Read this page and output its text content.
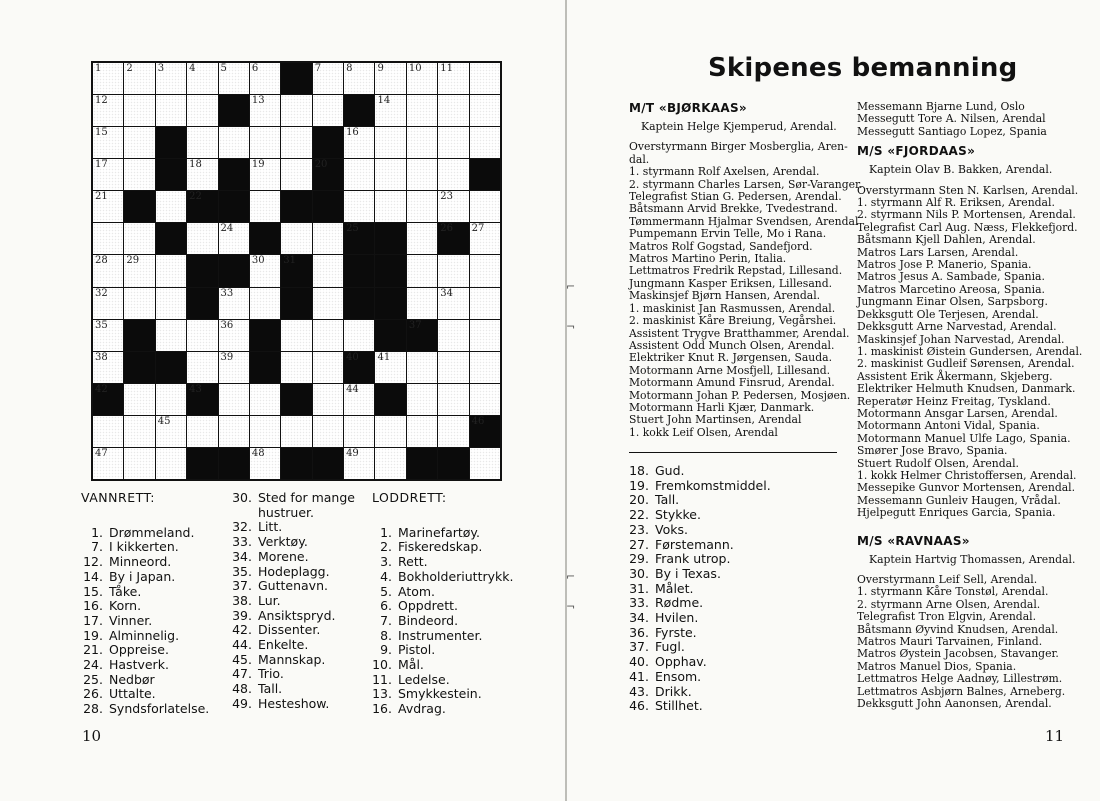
1	2	3	4	5	6	7	8	9	10 11
12	13	14
15	16
17	18	19	20
21	22	23
24	25	26 27
28 29	30 31
32	33	34
35	36	37
38	39	40 41
42	43	44
45	46
47	48	49
VANNRETT:
1. Drømmeland.
7. I kikkerten.
12. Minneord.
14. By i Japan.
15. Tåke.
16. Korn.
17. Vinner.
19. Alminnelig.
21. Oppreise.
24. Hastverk.
25. Nedbør
26. Uttalte.
28. Syndsforlatelse.
30. Sted for mange
hustruer.
32. Litt.
33. Verktøy.
34. Morene.
35. Hodeplagg.
37. Guttenavn.
38. Lur.
39. Ansiktspryd.
42. Dissenter.
44. Enkelte.
45. Mannskap.
47. Trio.
48. Tall.
49. Hesteshow.
LODDRETT:
1. Marinefartøy.
2. Fiskeredskap.
3. Rett.
4. Bokholderiuttrykk.
5. Atom.
6. Oppdrett.
7. Bindeord.
8. Instrumenter.
9. Pistol.
10. Mål.
11. Ledelse.
13. Smykkestein.
16. Avdrag.
10
Skipenes bemanning
M/T «BJØRKAAS»
Kaptein Helge Kjemperud, Arendal.
Overstyrmann Birger Mosberglia, Aren-
dal.
1. styrmann Rolf Axelsen, Arendal.
2. styrmann Charles Larsen, Sør-Varanger.
Telegrafist Stian G. Pedersen, Arendal.
Båtsmann Arvid Brekke, Tvedestrand.
Tømmermann Hjalmar Svendsen, Arendal
Pumpemann Ervin Telle, Mo i Rana.
Matros Rolf Gogstad, Sandefjord.
Matros Martino Perin, Italia.
Lettmatros Fredrik Repstad, Lillesand.
Jungmann Kasper Eriksen, Lillesand.
Maskinsjef Bjørn Hansen, Arendal.
1. maskinist Jan Rasmussen, Arendal.
2. maskinist Kåre Breiung, Vegårshei.
Assistent Trygve Bratthammer, Arendal.
Assistent Odd Munch Olsen, Arendal.
Elektriker Knut R. Jørgensen, Sauda.
Motormann Arne Mosfjell, Lillesand.
Motormann Amund Finsrud, Arendal.
Motormann Johan P. Pedersen, Mosjøen.
Motormann Harli Kjær, Danmark.
Stuert John Martinsen, Arendal
1. kokk Leif Olsen, Arendal
18. Gud.
19. Fremkomstmiddel.
20. Tall.
22. Stykke.
23. Voks.
27. Førstemann.
29. Frank utrop.
30. By i Texas.
31. Målet.
33. Rødme.
34. Hvilen.
36. Fyrste.
37. Fugl.
40. Opphav.
41. Ensom.
43. Drikk.
46. Stillhet.
Messemann Bjarne Lund, Oslo
Messegutt Tore A. Nilsen, Arendal
Messegutt Santiago Lopez, Spania
M/S «FJORDAAS»
Kaptein Olav B. Bakken, Arendal.
Overstyrmann Sten N. Karlsen, Arendal.
1. styrmann Alf R. Eriksen, Arendal.
2. styrmann Nils P. Mortensen, Arendal.
Telegrafist Carl Aug. Næss, Flekkefjord.
Båtsmann Kjell Dahlen, Arendal.
Matros Lars Larsen, Arendal.
Matros Jose P. Manerio, Spania.
Matros Jesus A. Sambade, Spania.
Matros Marcetino Areosa, Spania.
Jungmann Einar Olsen, Sarpsborg.
Dekksgutt Ole Terjesen, Arendal.
Dekksgutt Arne Narvestad, Arendal.
Maskinsjef Johan Narvestad, Arendal.
1. maskinist Øistein Gundersen, Arendal.
2. maskinist Gudleif Sørensen, Arendal.
Assistent Erik Åkermann, Skjeberg.
Elektriker Helmuth Knudsen, Danmark.
Reperatør Heinz Freitag, Tyskland.
Motormann Ansgar Larsen, Arendal.
Motormann Antoni Vidal, Spania.
Motormann Manuel Ulfe Lago, Spania.
Smører Jose Bravo, Spania.
Stuert Rudolf Olsen, Arendal.
1. kokk Helmer Christoffersen, Arendal.
Messepike Gunvor Mortensen, Arendal.
Messemann Gunleiv Haugen, Vrådal.
Hjelpegutt Enriques Garcia, Spania.
M/S «RAVNAAS»
Kaptein Hartvig Thomassen, Arendal.
Overstyrmann Leif Sell, Arendal.
1. styrmann Kåre Tonstøl, Arendal.
2. styrmann Arne Olsen, Arendal.
Telegrafist Tron Elgvin, Arendal.
Båtsmann Øyvind Knudsen, Arendal.
Matros Mauri Tarvainen, Finland.
Matros Øystein Jacobsen, Stavanger.
Matros Manuel Dios, Spania.
Lettmatros Helge Aadnøy, Lillestrøm.
Lettmatros Asbjørn Balnes, Arneberg.
Dekksgutt John Aanonsen, Arendal.
11
⌐
¬
⌐
¬
